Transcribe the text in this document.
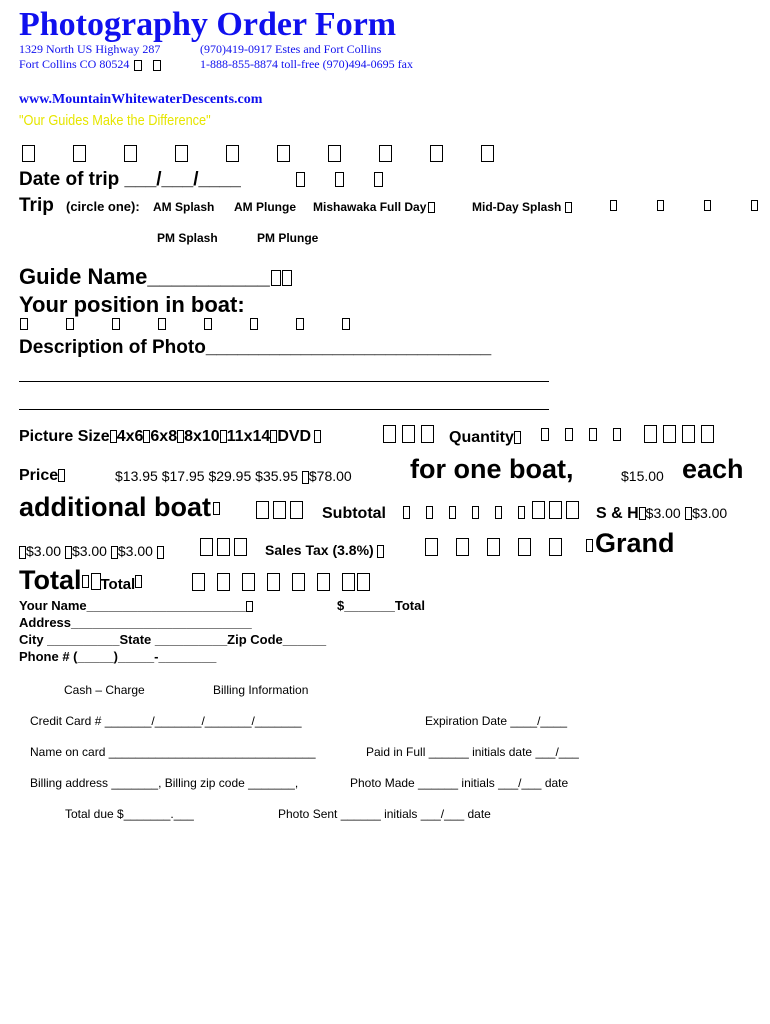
Photography Order Form
1329 North US Highway 287	(970)419-0917 Estes and Fort Collins
Fort Collins CO 80524	1-888-855-8874 toll-free (970)494-0695 fax
www.MountainWhitewaterDescents.com
"Our Guides Make the Difference"
Date of trip ___/___/____
Trip (circle one): AM Splash AM Plunge Mishawaka Full Day	Mid-Day Splash
PM Splash	PM Plunge
Guide Name__________
Your position in boat:
Description of Photo___________________________
Picture Size 4x6 6x8 8x10 11x14 DVD	Quantity
Price	$13.95 $17.95 $29.95 $35.95 $78.00 for one boat,	$15.00 each
additional boat	Subtotal	S & H $3.00 $3.00
$3.00 $3.00 $3.00	Sales Tax (3.8%)	Grand
Total Total
Your Name______________________	$_______Total
Address_________________________
City __________State __________Zip Code______
Phone # (_____)_____-________
Cash – Charge	Billing Information
Credit Card # _______/_______/_______/_______	Expiration Date ____/____
Name on card _______________________________	Paid in Full ______ initials date ___/___
Billing address _______, Billing zip code _______,	Photo Made ______ initials ___/___ date
Total due $_______.___	Photo Sent ______ initials ___/___ date
